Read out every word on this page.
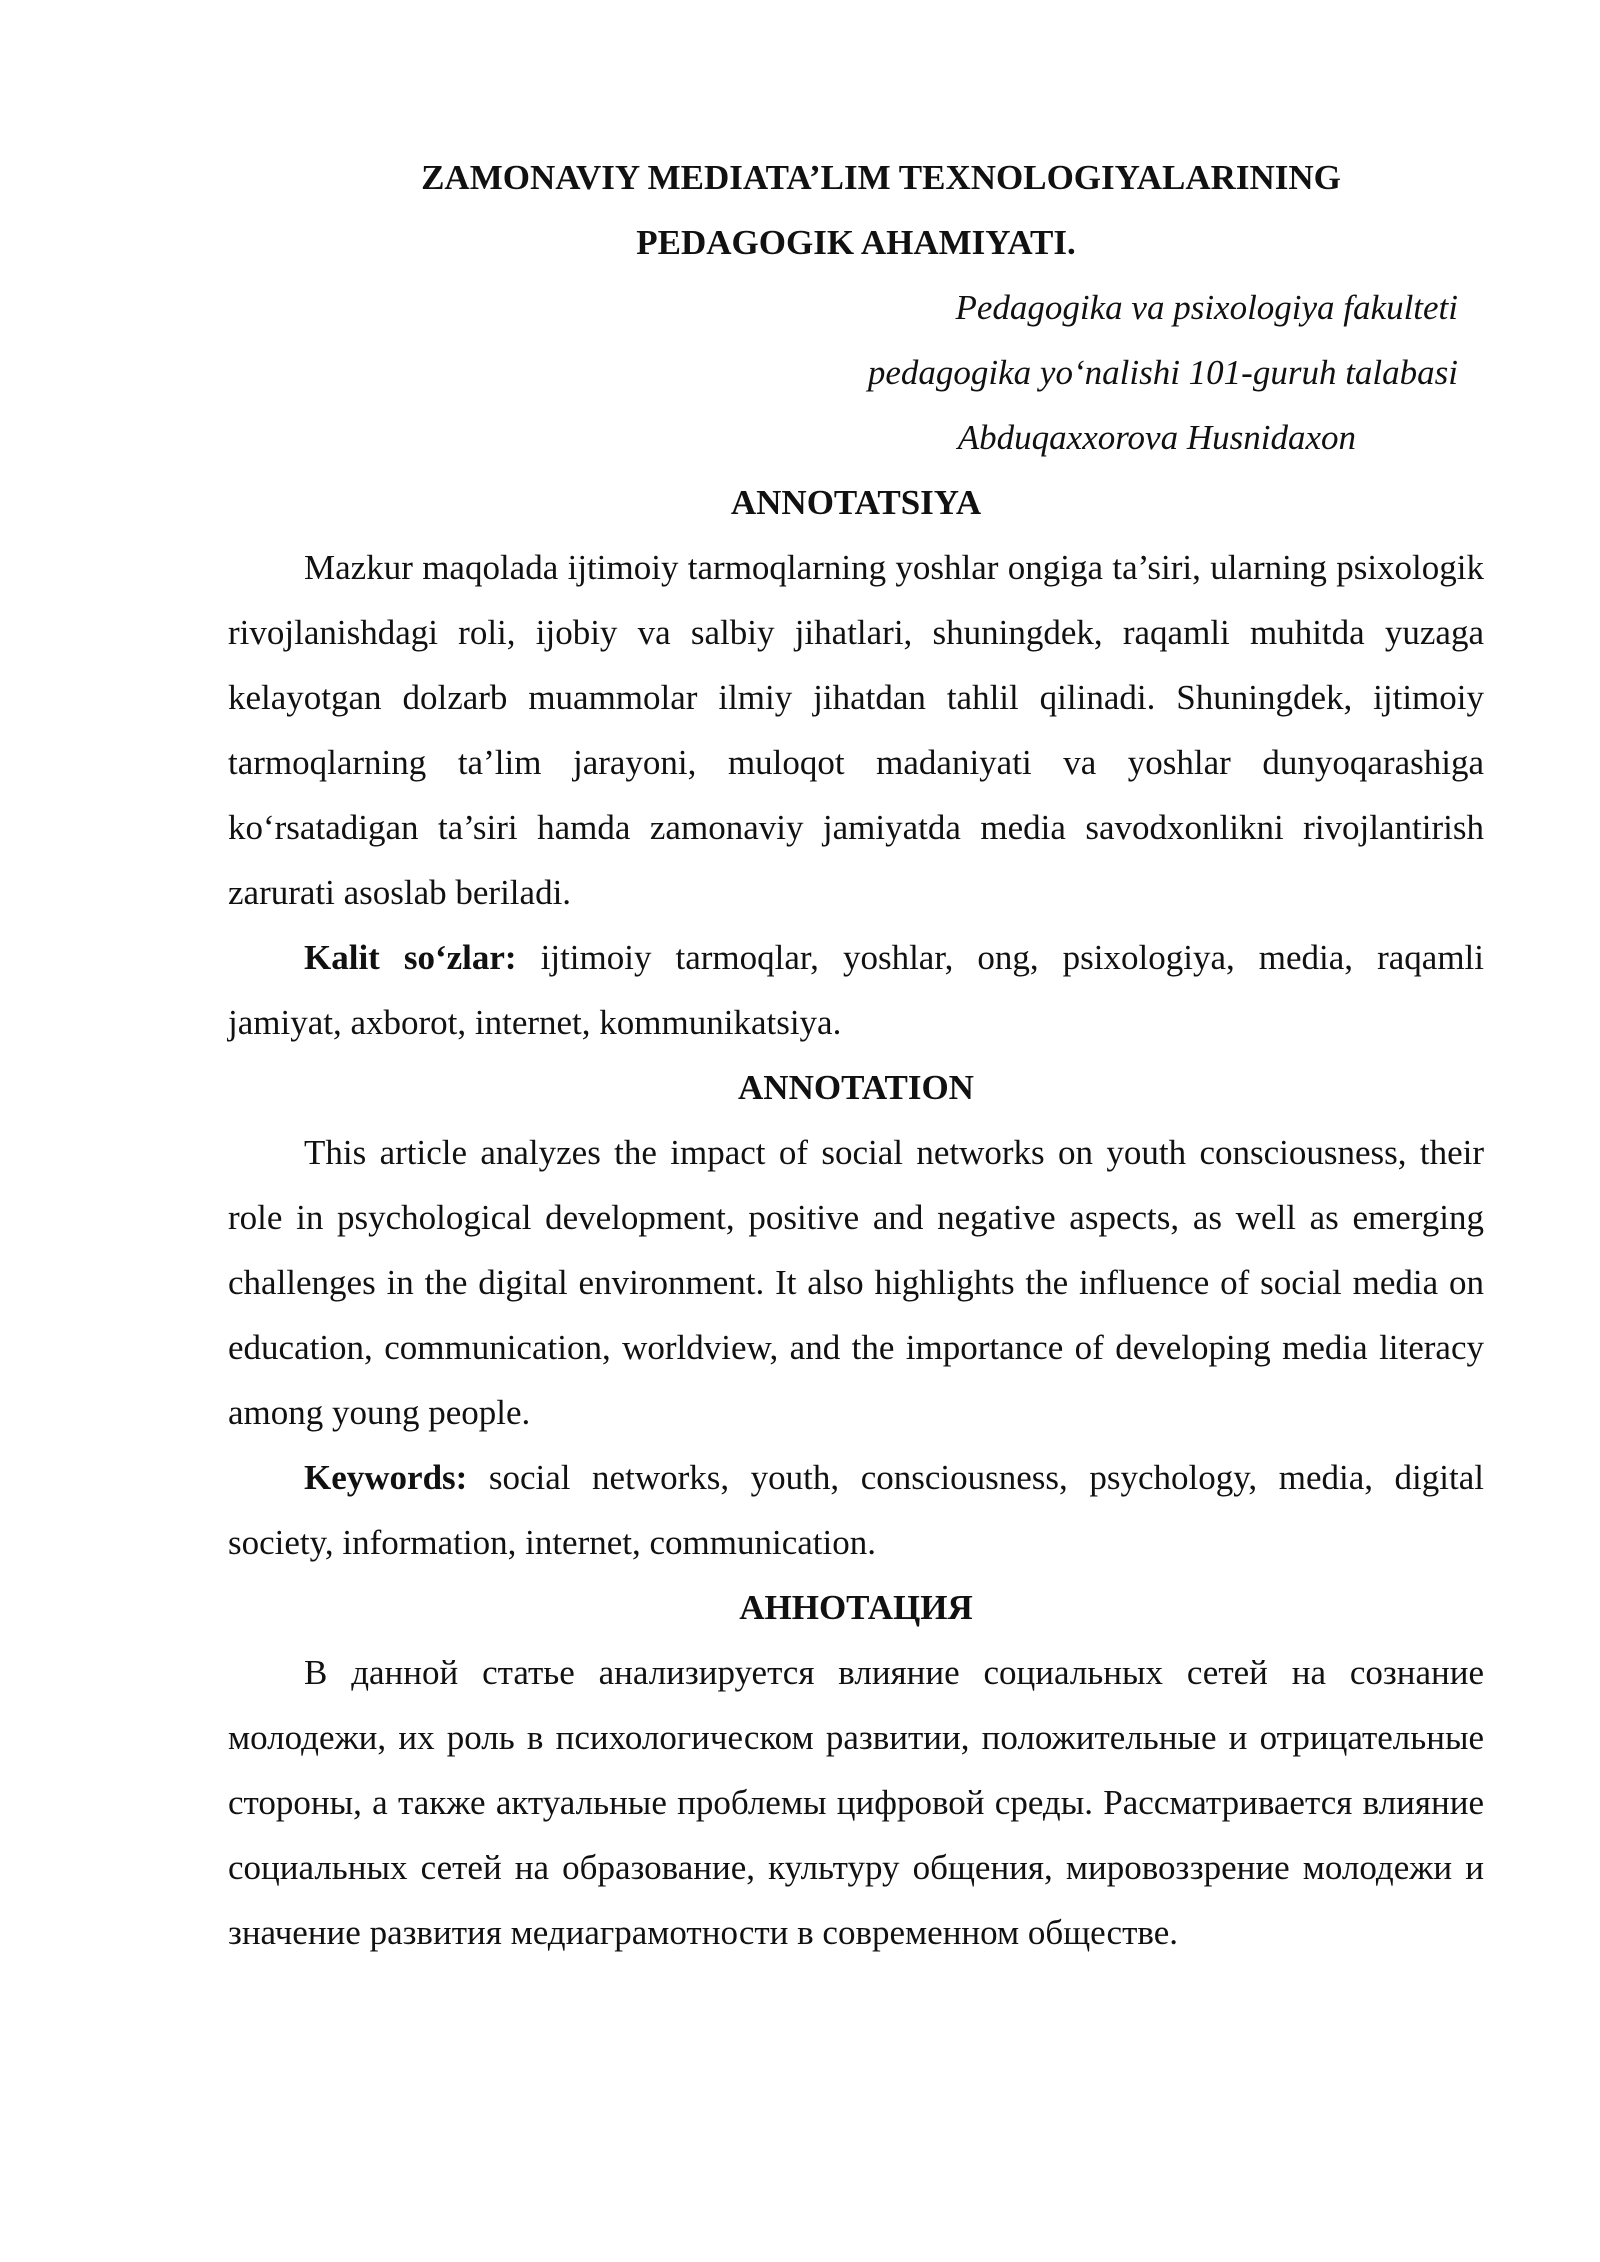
ZAMONAVIY MEDIATA’LIM TEXNOLOGIYALARINING
PEDAGOGIK AHAMIYATI.
Pedagogika va psixologiya fakulteti
pedagogika yo‘nalishi 101-guruh talabasi
Abduqaxxorova Husnidaxon
ANNOTATSIYA

Mazkur maqolada ijtimoiy tarmoqlarning yoshlar ongiga ta’siri, ularning psixologik rivojlanishdagi roli, ijobiy va salbiy jihatlari, shuningdek, raqamli muhitda yuzaga kelayotgan dolzarb muammolar ilmiy jihatdan tahlil qilinadi. Shuningdek, ijtimoiy tarmoqlarning ta’lim jarayoni, muloqot madaniyati va yoshlar dunyoqarashiga ko‘rsatadigan ta’siri hamda zamonaviy jamiyatda media savodxonlikni rivojlantirish zarurati asoslab beriladi.

Kalit so‘zlar: ijtimoiy tarmoqlar, yoshlar, ong, psixologiya, media, raqamli jamiyat, axborot, internet, kommunikatsiya.

ANNOTATION

This article analyzes the impact of social networks on youth consciousness, their role in psychological development, positive and negative aspects, as well as emerging challenges in the digital environment. It also highlights the influence of social media on education, communication, worldview, and the importance of developing media literacy among young people.

Keywords: social networks, youth, consciousness, psychology, media, digital society, information, internet, communication.

АННОТАЦИЯ

В данной статье анализируется влияние социальных сетей на сознание молодежи, их роль в психологическом развитии, положительные и отрицательные стороны, а также актуальные проблемы цифровой среды. Рассматривается влияние социальных сетей на образование, культуру общения, мировоззрение молодежи и значение развития медиаграмотности в современном обществе.
